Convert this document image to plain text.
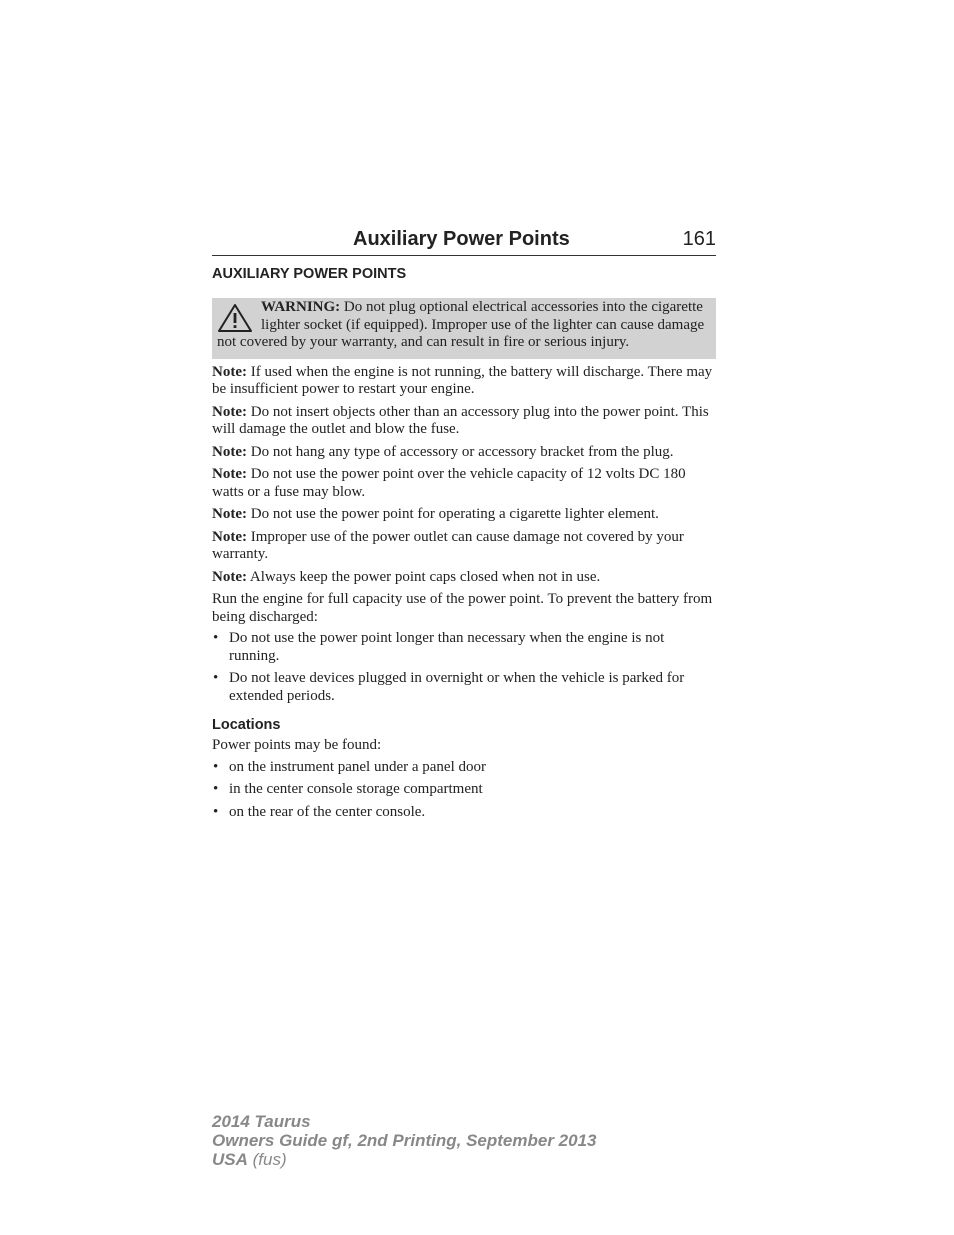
Auxiliary Power Points	161
AUXILIARY POWER POINTS

WARNING: Do not plug optional electrical accessories into the cigarette lighter socket (if equipped). Improper use of the lighter can cause damage not covered by your warranty, and can result in fire or serious injury.

Note: If used when the engine is not running, the battery will discharge. There may be insufficient power to restart your engine.

Note: Do not insert objects other than an accessory plug into the power point. This will damage the outlet and blow the fuse.

Note: Do not hang any type of accessory or accessory bracket from the plug.

Note: Do not use the power point over the vehicle capacity of 12 volts DC 180 watts or a fuse may blow.

Note: Do not use the power point for operating a cigarette lighter element.

Note: Improper use of the power outlet can cause damage not covered by your warranty.

Note: Always keep the power point caps closed when not in use.

Run the engine for full capacity use of the power point. To prevent the battery from being discharged:

• Do not use the power point longer than necessary when the engine is not running.
• Do not leave devices plugged in overnight or when the vehicle is parked for extended periods.
Locations

Power points may be found:

• on the instrument panel under a panel door
• in the center console storage compartment
• on the rear of the center console.
2014 Taurus
Owners Guide gf, 2nd Printing, September 2013
USA (fus)
